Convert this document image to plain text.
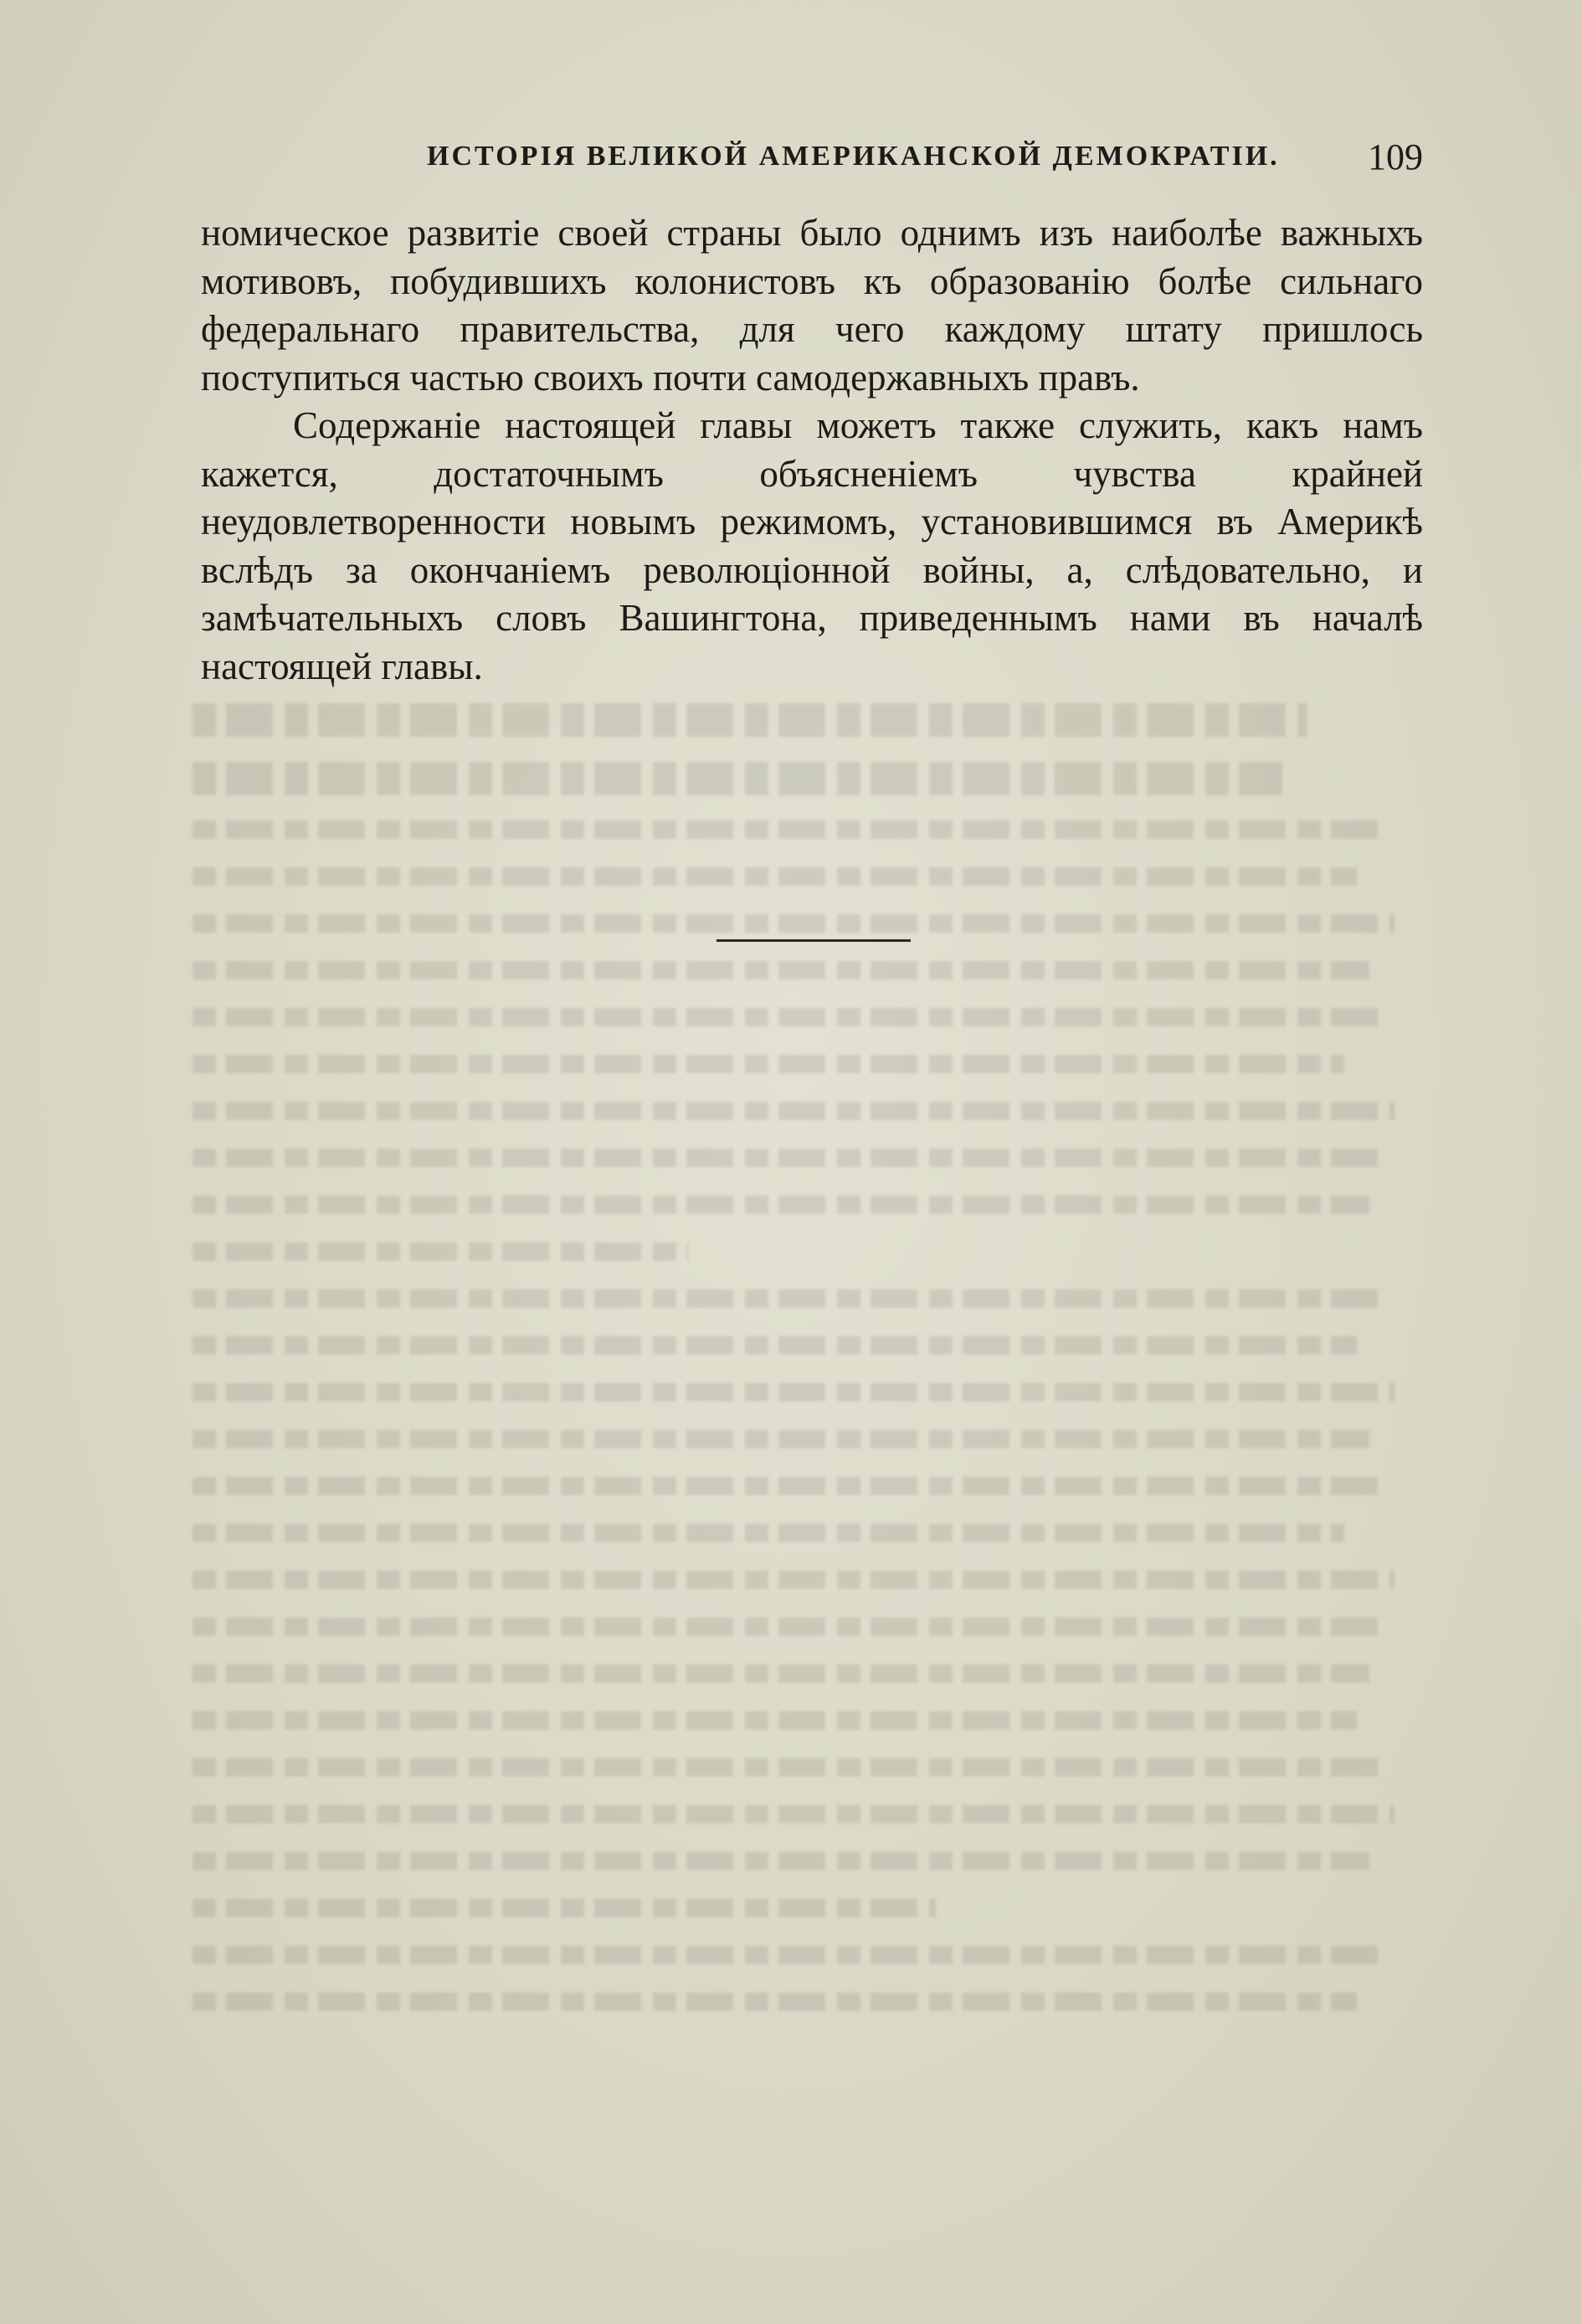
ИСТОРІЯ ВЕЛИКОЙ АМЕРИКАНСКОЙ ДЕМОКРАТІИ. 109

номическое развитіе своей страны было однимъ изъ наиболѣе важныхъ мотивовъ, побудившихъ колонистовъ къ образованію болѣе сильнаго федеральнаго правительства, для чего каждому штату пришлось поступиться частью своихъ почти самодержавныхъ правъ.

Содержаніе настоящей главы можетъ также служить, какъ намъ кажется, достаточнымъ объясненіемъ чувства крайней неудовлетворенности новымъ режимомъ, установившимся въ Америкѣ вслѣдъ за окончаніемъ революціонной войны, а, слѣдовательно, и замѣчательныхъ словъ Вашингтона, приведеннымъ нами въ началѣ настоящей главы.
